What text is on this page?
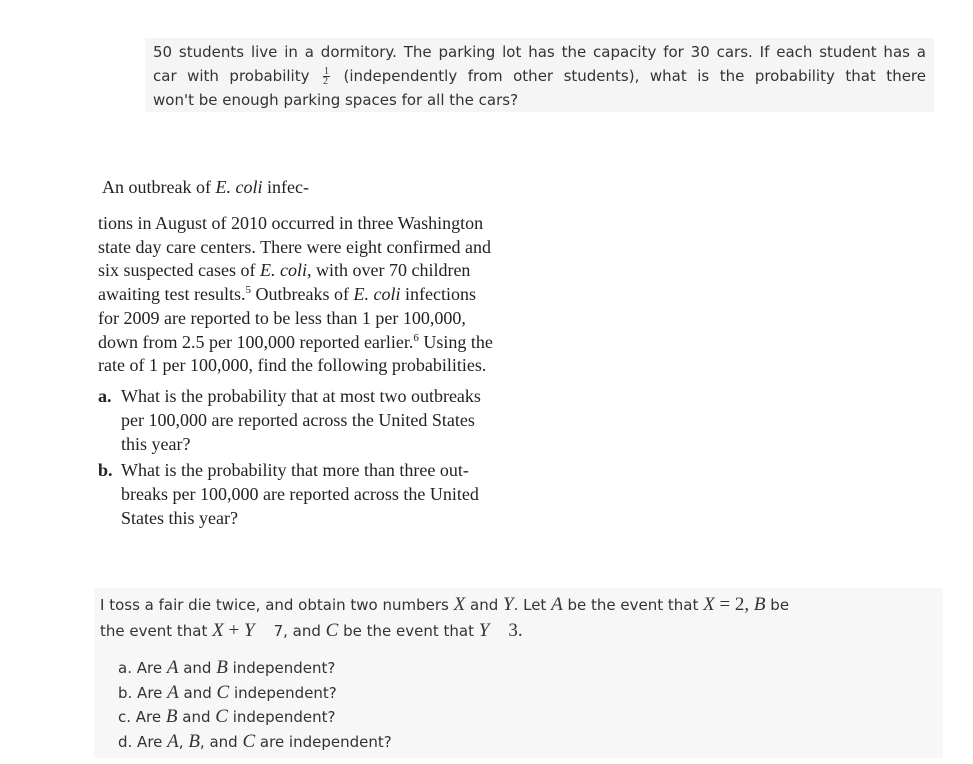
50 students live in a dormitory. The parking lot has the capacity for 30 cars. If each student has a
car with probability $\frac{1}{2}$ (independently from other students), what is the probability that there
won't be enough parking spaces for all the cars?
An outbreak of E. coli infec-
tions in August of 2010 occurred in three Washington
state day care centers. There were eight confirmed and
six suspected cases of E. coli, with over 70 children
awaiting test results.$^5$ Outbreaks of E. coli infections
for 2009 are reported to be less than 1 per 100,000,
down from 2.5 per 100,000 reported earlier.$^6$ Using the
rate of 1 per 100,000, find the following probabilities.
a. What is the probability that at most two outbreaks
per 100,000 are reported across the United States
this year?
b. What is the probability that more than three out-
breaks per 100,000 are reported across the United
States this year?
I toss a fair die twice, and obtain two numbers X and Y. Let A be the event that X = 2, B be
the event that X + Y    7, and C be the event that Y    3.
a. Are A and B independent?
b. Are A and C independent?
c. Are B and C independent?
d. Are A, B, and C are independent?
